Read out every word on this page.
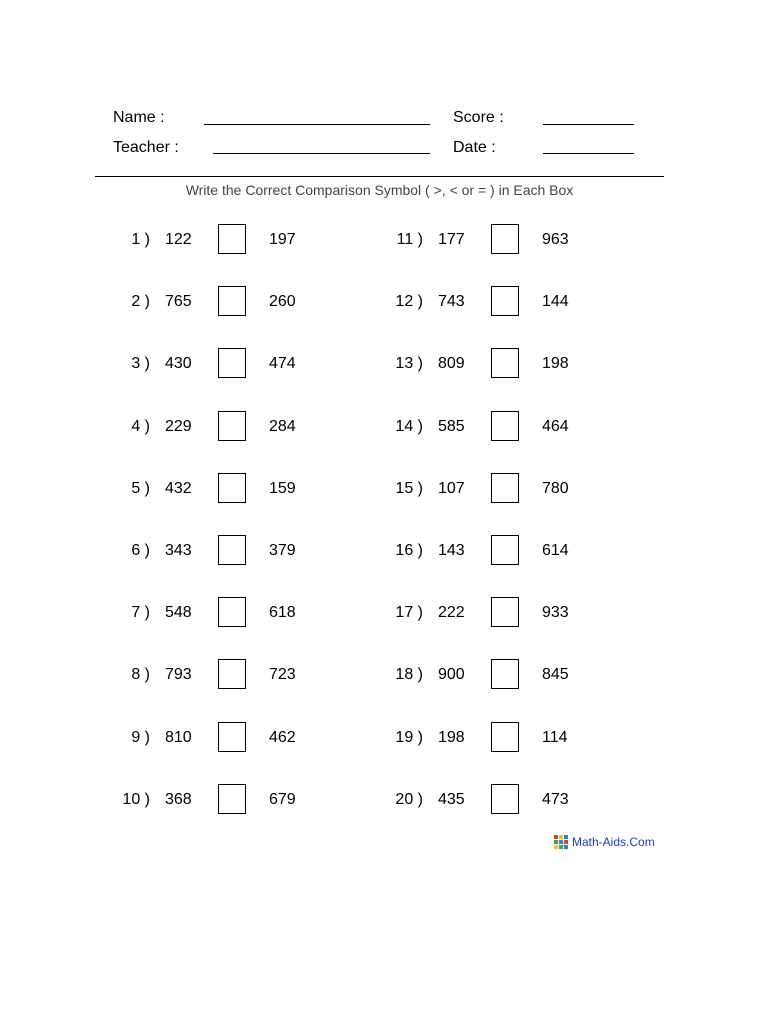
Name :	Score :
Teacher :	Date :
Write the Correct Comparison Symbol ( >, < or = ) in Each Box
1 ) 122	197
2 ) 765	260
3 ) 430	474
4 ) 229	284
5 ) 432	159
6 ) 343	379
7 ) 548	618
8 ) 793	723
9 ) 810	462
10 ) 368	679
11 ) 177	963
12 ) 743	144
13 ) 809	198
14 ) 585	464
15 ) 107	780
16 ) 143	614
17 ) 222	933
18 ) 900	845
19 ) 198	114
20 ) 435	473
Math-Aids.Com
